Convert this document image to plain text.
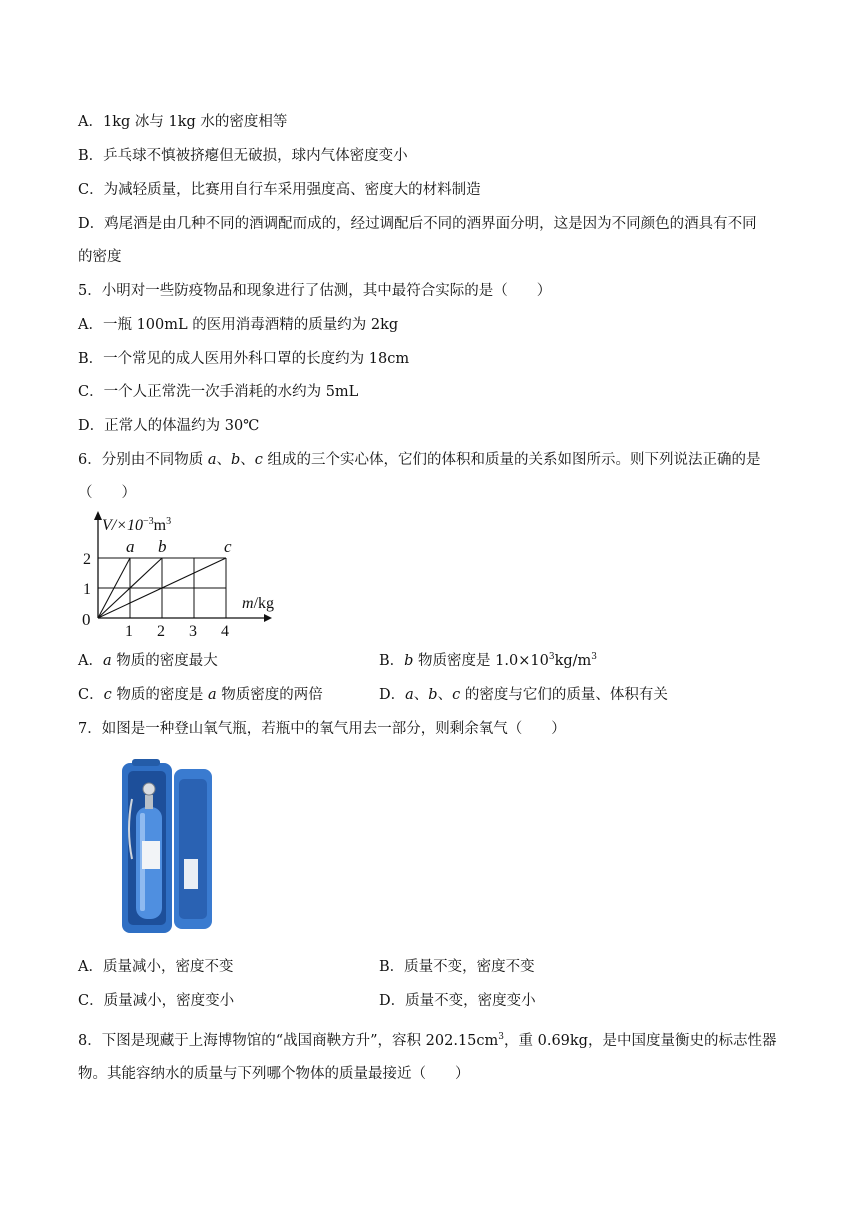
A．1kg 冰与 1kg 水的密度相等
B．乒乓球不慎被挤瘪但无破损，球内气体密度变小
C．为减轻质量，比赛用自行车采用强度高、密度大的材料制造
D．鸡尾酒是由几种不同的酒调配而成的，经过调配后不同的酒界面分明，这是因为不同颜色的酒具有不同
的密度
5．小明对一些防疫物品和现象进行了估测，其中最符合实际的是（　　）
A．一瓶 100mL 的医用消毒酒精的质量约为 2kg
B．一个常见的成人医用外科口罩的长度约为 18cm
C．一个人正常洗一次手消耗的水约为 5mL
D．正常人的体温约为 30℃
6．分别由不同物质 a、b、c 组成的三个实心体，它们的体积和质量的关系如图所示。则下列说法正确的是
（　　）
$V/\times 10^{-3}m^3$
m/kg
0
1 2 3 4
1
2
a b	c
A．a 物质的密度最大	B．b 物质密度是 $1.0\times 10^3kg/m^3$
C．c 物质的密度是 a 物质密度的两倍	D．a、b、c 的密度与它们的质量、体积有关
7．如图是一种登山氧气瓶，若瓶中的氧气用去一部分，则剩余氧气（　　）
A．质量减小，密度不变	B．质量不变，密度不变
C．质量减小，密度变小	D．质量不变，密度变小
8．下图是现藏于上海博物馆的“战国商鞅方升”，容积 $202.15cm^3$，重 0.69kg，是中国度量衡史的标志性器
物。其能容纳水的质量与下列哪个物体的质量最接近（　　）
